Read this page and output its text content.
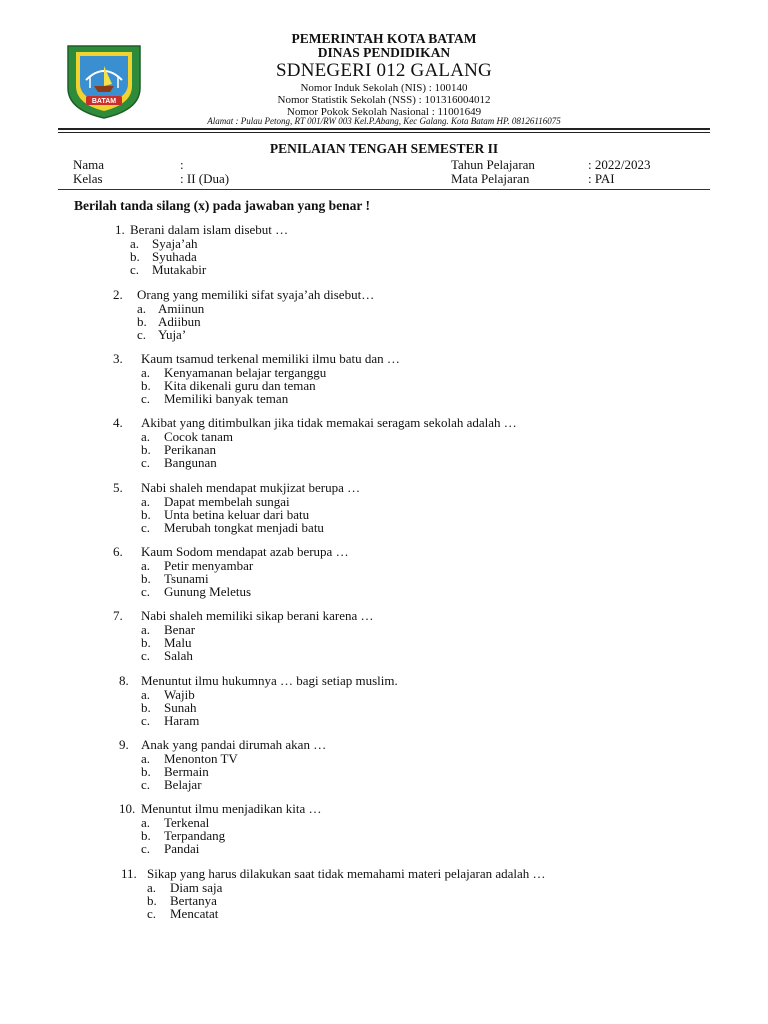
BATAM
PEMERINTAH KOTA BATAM
DINAS PENDIDIKAN
SDNEGERI 012 GALANG
Nomor Induk Sekolah (NIS) : 100140
Nomor Statistik Sekolah (NSS) : 101316004012
Nomor Pokok Sekolah Nasional : 11001649
Alamat : Pulau Petong, RT 001/RW 003 Kel.P.Abang, Kec Galang. Kota Batam HP. 08126116075
PENILAIAN TENGAH SEMESTER II
Nama	:	Tahun Pelajaran	: 2022/2023
Kelas	: II (Dua)	Mata Pelajaran	: PAI
Berilah tanda silang (x) pada jawaban yang benar !
1. Berani dalam islam disebut …
a. Syaja’ah
b. Syuhada
c. Mutakabir
2. Orang yang memiliki sifat syaja’ah disebut…
a. Amiinun
b. Adiibun
c. Yuja’
3. Kaum tsamud terkenal memiliki ilmu batu dan …
a. Kenyamanan belajar terganggu
b. Kita dikenali guru dan teman
c. Memiliki banyak teman
4. Akibat yang ditimbulkan jika tidak memakai seragam sekolah adalah …
a. Cocok tanam
b. Perikanan
c. Bangunan
5. Nabi shaleh mendapat mukjizat berupa …
a. Dapat membelah sungai
b. Unta betina keluar dari batu
c. Merubah tongkat menjadi batu
6. Kaum Sodom mendapat azab berupa …
a. Petir menyambar
b. Tsunami
c. Gunung Meletus
7. Nabi shaleh memiliki sikap berani karena …
a. Benar
b. Malu
c. Salah
8. Menuntut ilmu hukumnya … bagi setiap muslim.
a. Wajib
b. Sunah
c. Haram
9. Anak yang pandai dirumah akan …
a. Menonton TV
b. Bermain
c. Belajar
10. Menuntut ilmu menjadikan kita …
a. Terkenal
b. Terpandang
c. Pandai
11. Sikap yang harus dilakukan saat tidak memahami materi pelajaran adalah …
a. Diam saja
b. Bertanya
c. Mencatat
